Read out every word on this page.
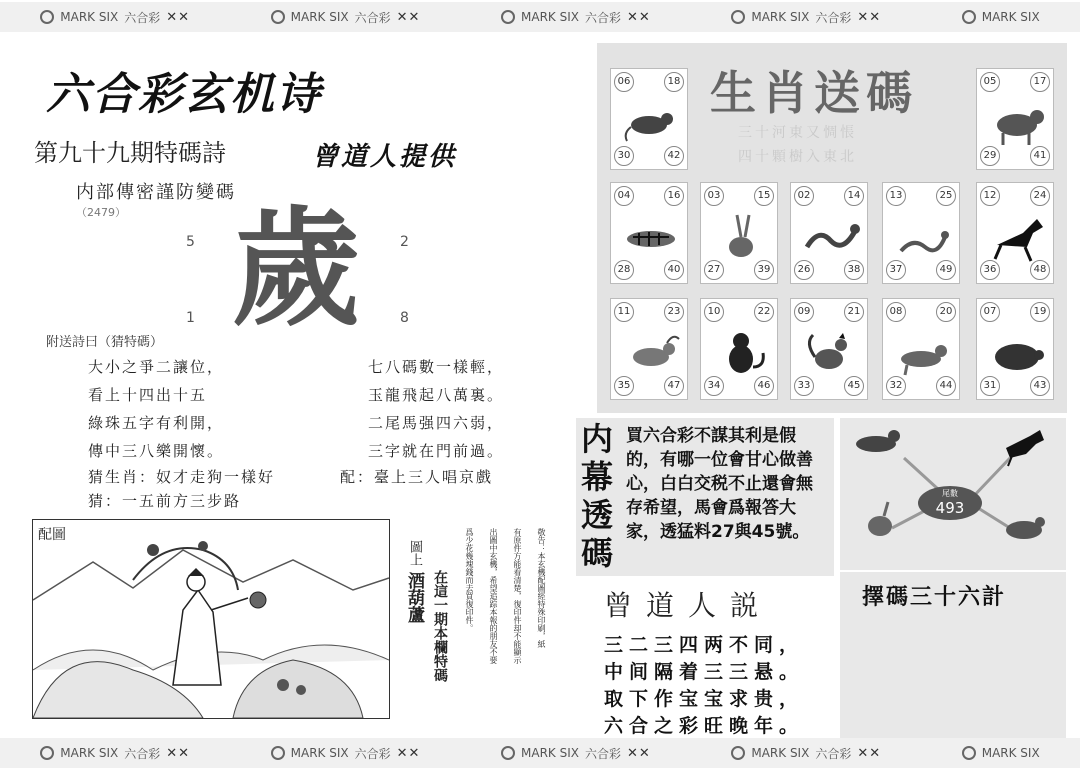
MARK SIX 六合彩 ✕✕	MARK SIX 六合彩 ✕✕	MARK SIX 六合彩 ✕✕	MARK SIX 六合彩 ✕✕	MARK SIX
六合彩玄机诗
第九十九期特碼詩	曾道人提供
内部傳密謹防變碼
（2479） 歲
5	2
1	8
附送詩曰（猜特碼）
大小之爭二讓位，
看上十四出十五
綠珠五字有利開，
傳中三八樂開懷。
七八碼數一樣輕，
玉龍飛起八萬裏。
二尾馬强四六弱，
三字就在門前過。
猜生肖：奴才走狗一樣好
猜：一五前方三步路
配：臺上三人唱京戲
配圖
圖上
酒葫蘆 在這一期本欄特碼	敬告：本玄機配圖經特殊印刷，紙
有原件方能看清楚，復印件却不能顯示
出圖中玄機，希望追踪本報的朋友不要
爲少花幾塊錢而去買復印件。
生肖送碼
三十河東又惆悵
四十顆樹入東北
06	18
30	42
05	17
29	41
04	16
28	40
03	15
27	39
02	14
26	38
13	25
37	49
12	24
36	48
11	23
35	47
10	22
34	46
09	21
33	45
08	20
32	44
07	19
31	43
内幕透碼
買六合彩不謀其利是假的，有哪一位會甘心做善心，白白交税不止還會無存希望，馬會爲報答大家，透猛料27與45號。
曾道人説
三二三四两不同，
中间隔着三三悬。
取下作宝宝求贵，
六合之彩旺晚年。
尾數
493
擇碼三十六計
MARK SIX 六合彩 ✕✕	MARK SIX 六合彩 ✕✕	MARK SIX 六合彩 ✕✕	MARK SIX 六合彩 ✕✕	MARK SIX
